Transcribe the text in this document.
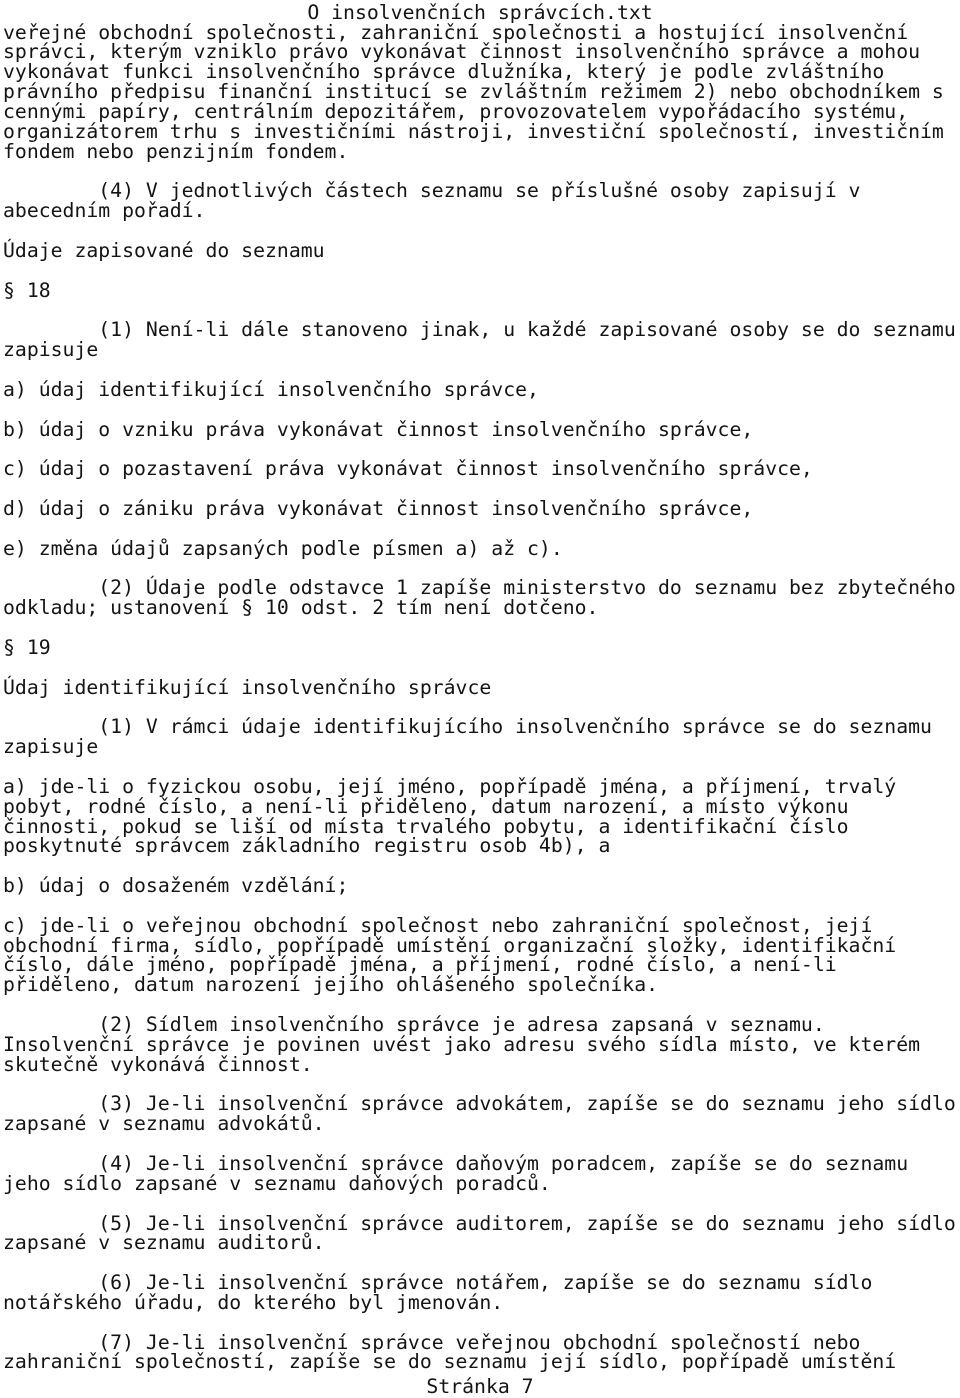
O insolvenčních správcích.txt
veřejné obchodní společnosti, zahraniční společnosti a hostující insolvenční
správci, kterým vzniklo právo vykonávat činnost insolvenčního správce a mohou
vykonávat funkci insolvenčního správce dlužníka, který je podle zvláštního
právního předpisu finanční institucí se zvláštním režimem 2) nebo obchodníkem s
cennými papíry, centrálním depozitářem, provozovatelem vypořádacího systému,
organizátorem trhu s investičními nástroji, investiční společností, investičním
fondem nebo penzijním fondem.
(4) V jednotlivých částech seznamu se příslušné osoby zapisují v
abecedním pořadí.
Údaje zapisované do seznamu
§ 18
(1) Není-li dále stanoveno jinak, u každé zapisované osoby se do seznamu
zapisuje
a) údaj identifikující insolvenčního správce,
b) údaj o vzniku práva vykonávat činnost insolvenčního správce,
c) údaj o pozastavení práva vykonávat činnost insolvenčního správce,
d) údaj o zániku práva vykonávat činnost insolvenčního správce,
e) změna údajů zapsaných podle písmen a) až c).
(2) Údaje podle odstavce 1 zapíše ministerstvo do seznamu bez zbytečného
odkladu; ustanovení § 10 odst. 2 tím není dotčeno.
§ 19
Údaj identifikující insolvenčního správce
(1) V rámci údaje identifikujícího insolvenčního správce se do seznamu
zapisuje
a) jde-li o fyzickou osobu, její jméno, popřípadě jména, a příjmení, trvalý
pobyt, rodné číslo, a není-li přiděleno, datum narození, a místo výkonu
činnosti, pokud se liší od místa trvalého pobytu, a identifikační číslo
poskytnuté správcem základního registru osob 4b), a
b) údaj o dosaženém vzdělání;
c) jde-li o veřejnou obchodní společnost nebo zahraniční společnost, její
obchodní firma, sídlo, popřípadě umístění organizační složky, identifikační
číslo, dále jméno, popřípadě jména, a příjmení, rodné číslo, a není-li
přiděleno, datum narození jejího ohlášeného společníka.
(2) Sídlem insolvenčního správce je adresa zapsaná v seznamu.
Insolvenční správce je povinen uvést jako adresu svého sídla místo, ve kterém
skutečně vykonává činnost.
(3) Je-li insolvenční správce advokátem, zapíše se do seznamu jeho sídlo
zapsané v seznamu advokátů.
(4) Je-li insolvenční správce daňovým poradcem, zapíše se do seznamu
jeho sídlo zapsané v seznamu daňových poradců.
(5) Je-li insolvenční správce auditorem, zapíše se do seznamu jeho sídlo
zapsané v seznamu auditorů.
(6) Je-li insolvenční správce notářem, zapíše se do seznamu sídlo
notářského úřadu, do kterého byl jmenován.
(7) Je-li insolvenční správce veřejnou obchodní společností nebo
zahraniční společností, zapíše se do seznamu její sídlo, popřípadě umístění
Stránka 7
